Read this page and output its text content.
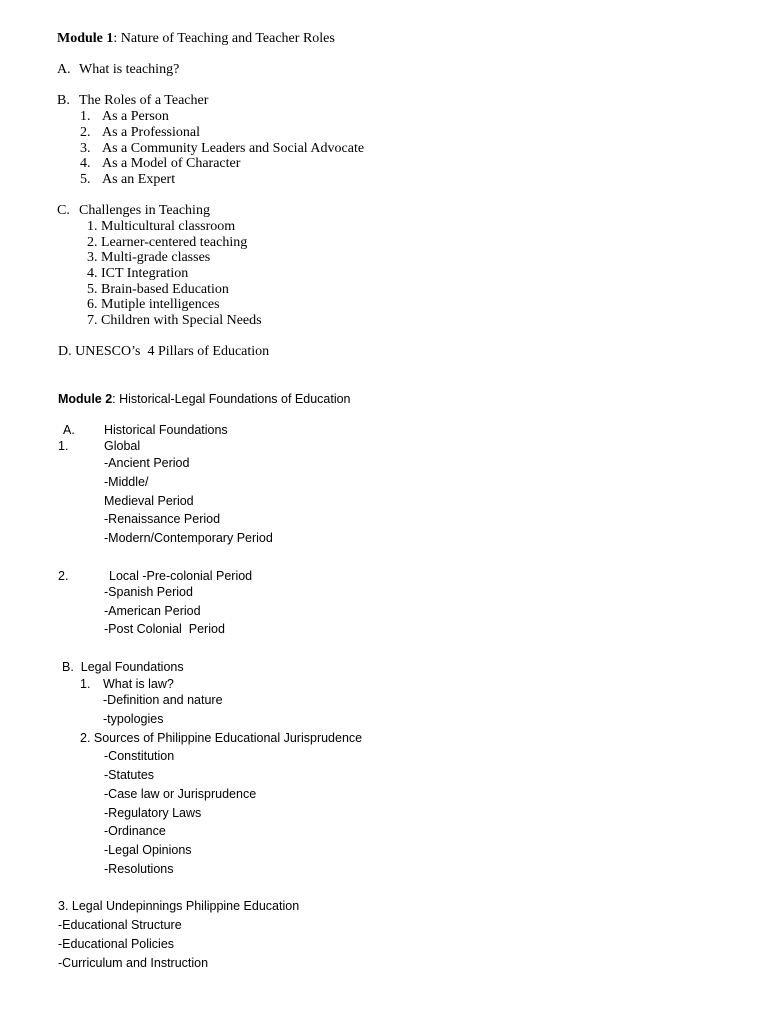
Module 1: Nature of Teaching and Teacher Roles
A. What is teaching?
B. The Roles of a Teacher
1. As a Person
2. As a Professional
3. As a Community Leaders and Social Advocate
4. As a Model of Character
5. As an Expert
C. Challenges in Teaching
1. Multicultural classroom
2. Learner-centered teaching
3. Multi-grade classes
4. ICT Integration
5. Brain-based Education
6. Mutiple intelligences
7. Children with Special Needs
D. UNESCO’s  4 Pillars of Education
Module 2: Historical-Legal Foundations of Education
A. Historical Foundations
1.	Global
-Ancient Period
-Middle/
Medieval Period
-Renaissance Period
-Modern/Contemporary Period
2.	Local -Pre-colonial Period
-Spanish Period
-American Period
-Post Colonial  Period
B.  Legal Foundations
1. What is law?
-Definition and nature
-typologies
2. Sources of Philippine Educational Jurisprudence
-Constitution
-Statutes
-Case law or Jurisprudence
-Regulatory Laws
-Ordinance
-Legal Opinions
-Resolutions
3. Legal Undepinnings Philippine Education
-Educational Structure
-Educational Policies
-Curriculum and Instruction
